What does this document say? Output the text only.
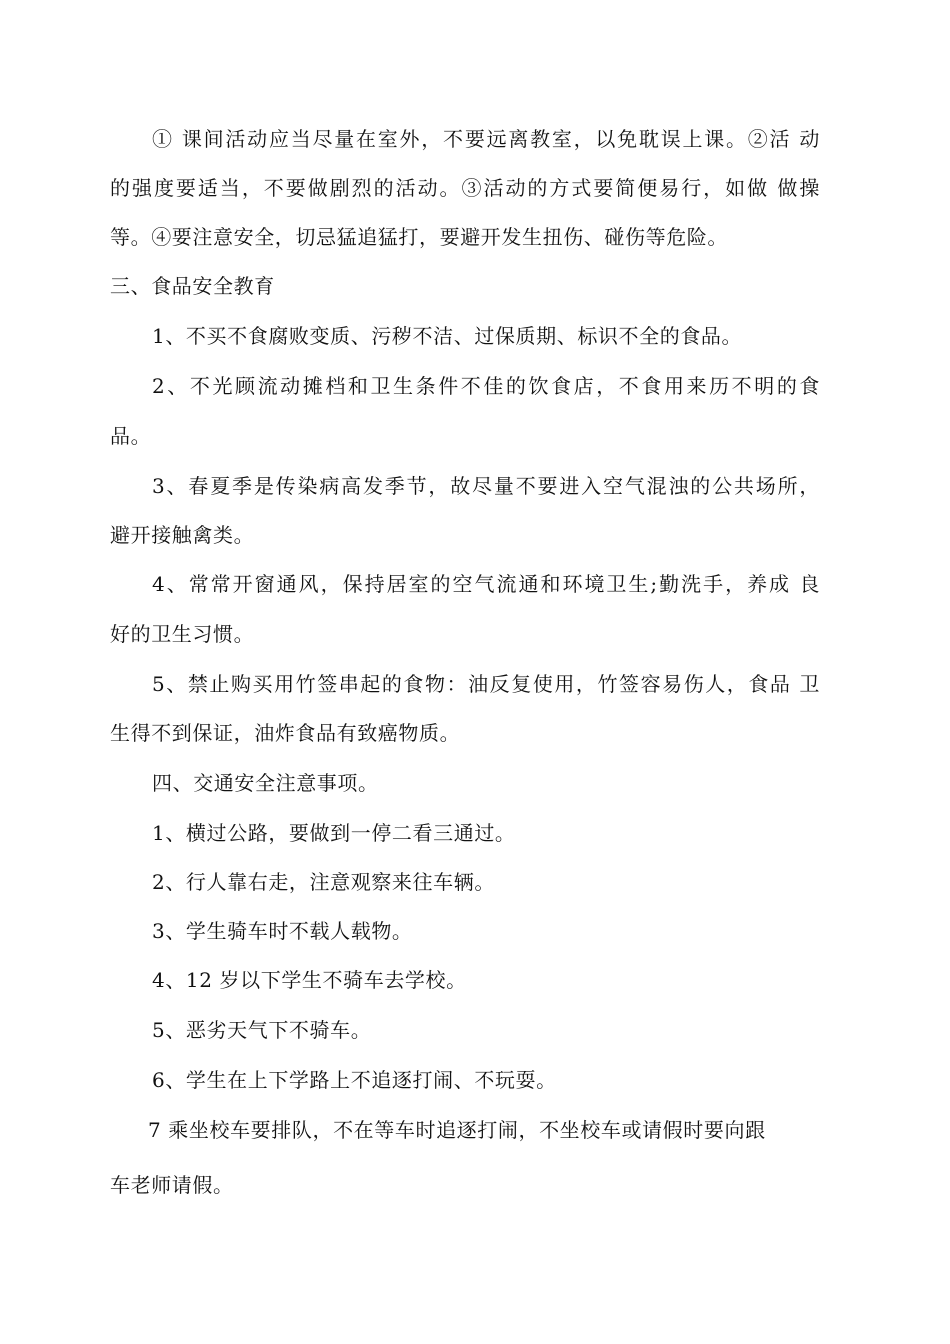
① 课间活动应当尽量在室外，不要远离教室，以免耽误上课。②活 动
的强度要适当，不要做剧烈的活动。③活动的方式要简便易行，如做 做操
等。④要注意安全，切忌猛追猛打，要避开发生扭伤、碰伤等危险。
三、食品安全教育
1、不买不食腐败变质、污秽不洁、过保质期、标识不全的食品。
2、不光顾流动摊档和卫生条件不佳的饮食店，不食用来历不明的食
品。
3、春夏季是传染病高发季节，故尽量不要进入空气混浊的公共场所，
避开接触禽类。
4、常常开窗通风，保持居室的空气流通和环境卫生;勤洗手，养成 良
好的卫生习惯。
5、禁止购买用竹签串起的食物：油反复使用，竹签容易伤人，食品 卫
生得不到保证，油炸食品有致癌物质。
四、交通安全注意事项。
1、横过公路，要做到一停二看三通过。
2、行人靠右走，注意观察来往车辆。
3、学生骑车时不载人载物。
4、12 岁以下学生不骑车去学校。
5、恶劣天气下不骑车。
6、学生在上下学路上不追逐打闹、不玩耍。
7 乘坐校车要排队，不在等车时追逐打闹，不坐校车或请假时要向跟
车老师请假。
